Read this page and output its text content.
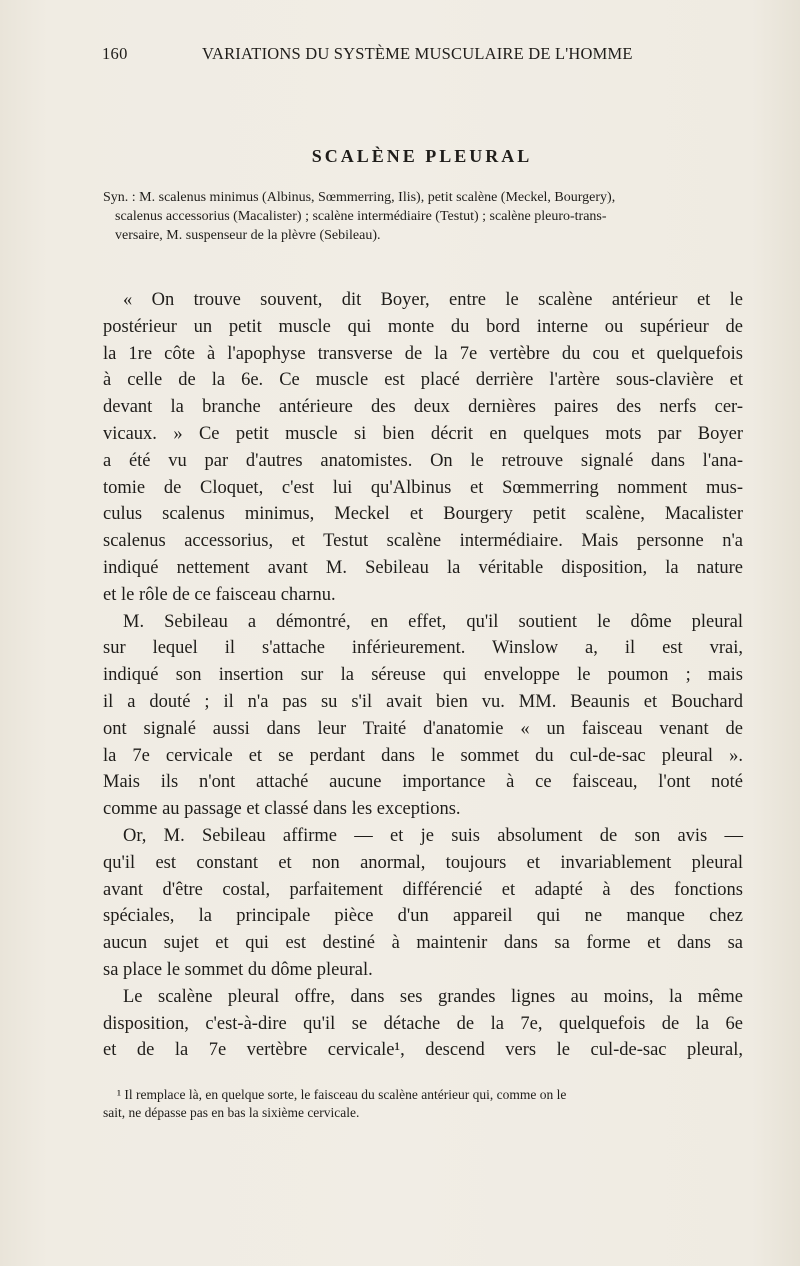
160	VARIATIONS DU SYSTÈME MUSCULAIRE DE L'HOMME
SCALÈNE PLEURAL
Syn. : M. scalenus minimus (Albinus, Sœmmerring, Ilis), petit scalène (Meckel, Bourgery),
scalenus accessorius (Macalister) ; scalène intermédiaire (Testut) ; scalène pleuro-trans-
versaire, M. suspenseur de la plèvre (Sebileau).
« On trouve souvent, dit Boyer, entre le scalène antérieur et le
postérieur un petit muscle qui monte du bord interne ou supérieur de
la 1re côte à l'apophyse transverse de la 7e vertèbre du cou et quelquefois
à celle de la 6e. Ce muscle est placé derrière l'artère sous-clavière et
devant la branche antérieure des deux dernières paires des nerfs cer-
vicaux. » Ce petit muscle si bien décrit en quelques mots par Boyer
a été vu par d'autres anatomistes. On le retrouve signalé dans l'ana-
tomie de Cloquet, c'est lui qu'Albinus et Sœmmerring nomment mus-
culus scalenus minimus, Meckel et Bourgery petit scalène, Macalister
scalenus accessorius, et Testut scalène intermédiaire. Mais personne n'a
indiqué nettement avant M. Sebileau la véritable disposition, la nature
et le rôle de ce faisceau charnu.
M. Sebileau a démontré, en effet, qu'il soutient le dôme pleural
sur lequel il s'attache inférieurement. Winslow a, il est vrai,
indiqué son insertion sur la séreuse qui enveloppe le poumon ; mais
il a douté ; il n'a pas su s'il avait bien vu. MM. Beaunis et Bouchard
ont signalé aussi dans leur Traité d'anatomie « un faisceau venant de
la 7e cervicale et se perdant dans le sommet du cul-de-sac pleural ».
Mais ils n'ont attaché aucune importance à ce faisceau, l'ont noté
comme au passage et classé dans les exceptions.
Or, M. Sebileau affirme — et je suis absolument de son avis —
qu'il est constant et non anormal, toujours et invariablement pleural
avant d'être costal, parfaitement différencié et adapté à des fonctions
spéciales, la principale pièce d'un appareil qui ne manque chez
aucun sujet et qui est destiné à maintenir dans sa forme et dans sa
sa place le sommet du dôme pleural.
Le scalène pleural offre, dans ses grandes lignes au moins, la même
disposition, c'est-à-dire qu'il se détache de la 7e, quelquefois de la 6e
et de la 7e vertèbre cervicale¹, descend vers le cul-de-sac pleural,
¹ Il remplace là, en quelque sorte, le faisceau du scalène antérieur qui, comme on le
sait, ne dépasse pas en bas la sixième cervicale.
